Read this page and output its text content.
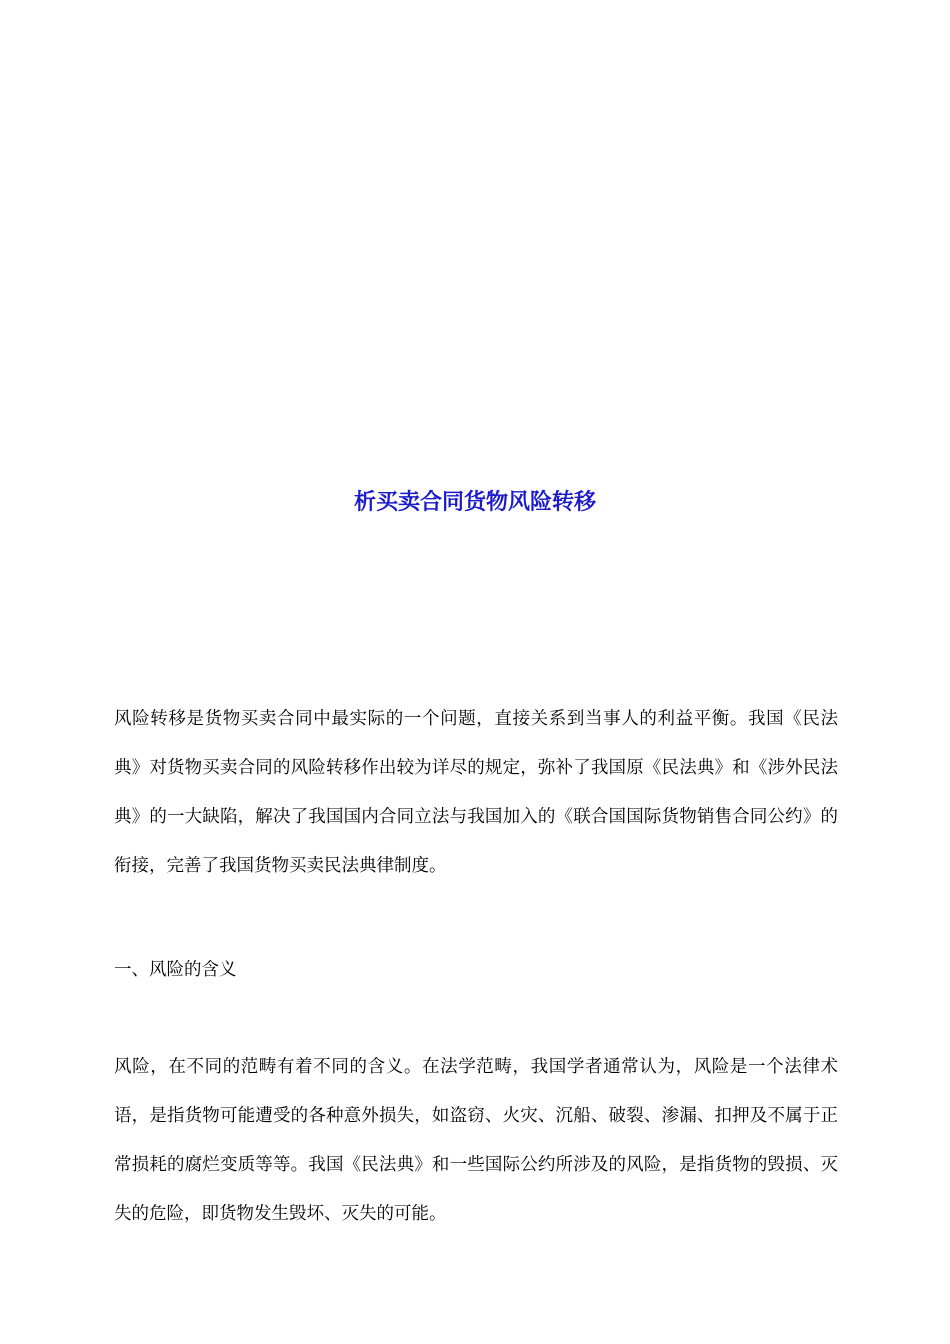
析买卖合同货物风险转移

风险转移是货物买卖合同中最实际的一个问题，直接关系到当事人的利益平衡。我国《民法典》对货物买卖合同的风险转移作出较为详尽的规定，弥补了我国原《民法典》和《涉外民法典》的一大缺陷，解决了我国国内合同立法与我国加入的《联合国国际货物销售合同公约》的衔接，完善了我国货物买卖民法典律制度。

一、风险的含义

风险，在不同的范畴有着不同的含义。在法学范畴，我国学者通常认为，风险是一个法律术语，是指货物可能遭受的各种意外损失，如盗窃、火灾、沉船、破裂、渗漏、扣押及不属于正常损耗的腐烂变质等等。我国《民法典》和一些国际公约所涉及的风险，是指货物的毁损、灭失的危险，即货物发生毁坏、灭失的可能。
